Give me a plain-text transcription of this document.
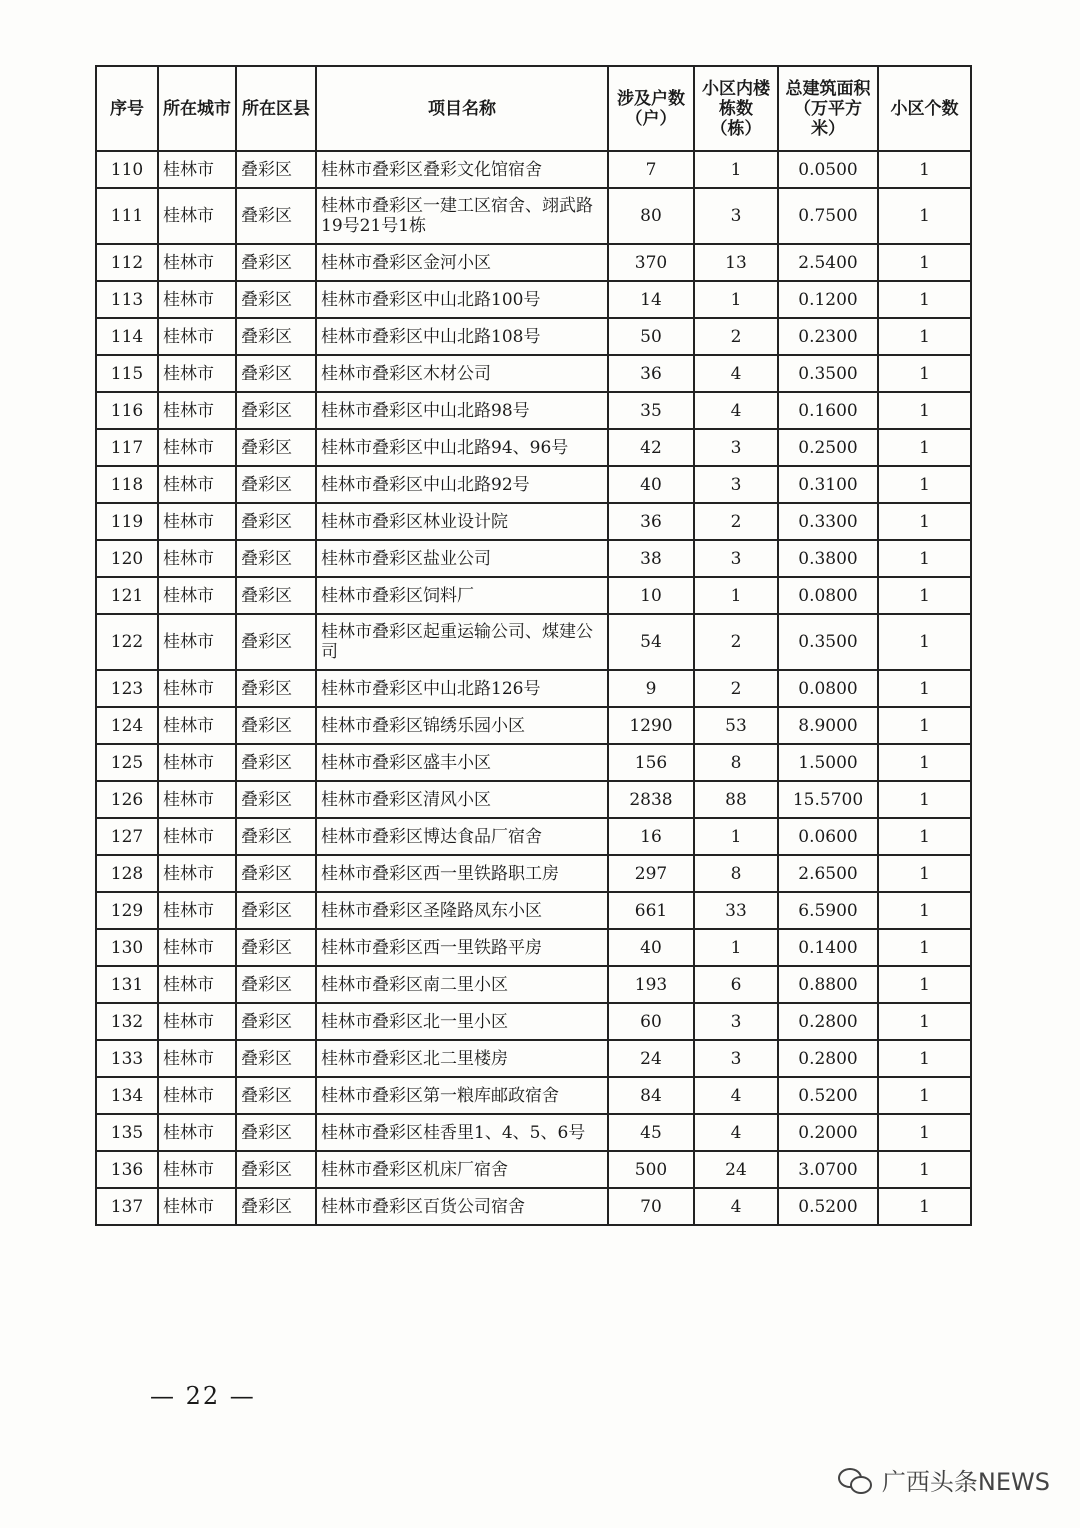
序号	所在城市	所在区县	项目名称	涉及户数（户）	小区内楼栋数（栋）	总建筑面积（万平方米）	小区个数
110	桂林市	叠彩区	桂林市叠彩区叠彩文化馆宿舍	7	1	0.0500	1
111	桂林市	叠彩区	桂林市叠彩区一建工区宿舍、翊武路19号21号1栋	80	3	0.7500	1
112	桂林市	叠彩区	桂林市叠彩区金河小区	370	13	2.5400	1
113	桂林市	叠彩区	桂林市叠彩区中山北路100号	14	1	0.1200	1
114	桂林市	叠彩区	桂林市叠彩区中山北路108号	50	2	0.2300	1
115	桂林市	叠彩区	桂林市叠彩区木材公司	36	4	0.3500	1
116	桂林市	叠彩区	桂林市叠彩区中山北路98号	35	4	0.1600	1
117	桂林市	叠彩区	桂林市叠彩区中山北路94、96号	42	3	0.2500	1
118	桂林市	叠彩区	桂林市叠彩区中山北路92号	40	3	0.3100	1
119	桂林市	叠彩区	桂林市叠彩区林业设计院	36	2	0.3300	1
120	桂林市	叠彩区	桂林市叠彩区盐业公司	38	3	0.3800	1
121	桂林市	叠彩区	桂林市叠彩区饲料厂	10	1	0.0800	1
122	桂林市	叠彩区	桂林市叠彩区起重运输公司、煤建公司	54	2	0.3500	1
123	桂林市	叠彩区	桂林市叠彩区中山北路126号	9	2	0.0800	1
124	桂林市	叠彩区	桂林市叠彩区锦绣乐园小区	1290	53	8.9000	1
125	桂林市	叠彩区	桂林市叠彩区盛丰小区	156	8	1.5000	1
126	桂林市	叠彩区	桂林市叠彩区清风小区	2838	88	15.5700	1
127	桂林市	叠彩区	桂林市叠彩区博达食品厂宿舍	16	1	0.0600	1
128	桂林市	叠彩区	桂林市叠彩区西一里铁路职工房	297	8	2.6500	1
129	桂林市	叠彩区	桂林市叠彩区圣隆路凤东小区	661	33	6.5900	1
130	桂林市	叠彩区	桂林市叠彩区西一里铁路平房	40	1	0.1400	1
131	桂林市	叠彩区	桂林市叠彩区南二里小区	193	6	0.8800	1
132	桂林市	叠彩区	桂林市叠彩区北一里小区	60	3	0.2800	1
133	桂林市	叠彩区	桂林市叠彩区北二里楼房	24	3	0.2800	1
134	桂林市	叠彩区	桂林市叠彩区第一粮库邮政宿舍	84	4	0.5200	1
135	桂林市	叠彩区	桂林市叠彩区桂香里1、4、5、6号	45	4	0.2000	1
136	桂林市	叠彩区	桂林市叠彩区机床厂宿舍	500	24	3.0700	1
137	桂林市	叠彩区	桂林市叠彩区百货公司宿舍	70	4	0.5200	1
— 22 —
广西头条NEWS
